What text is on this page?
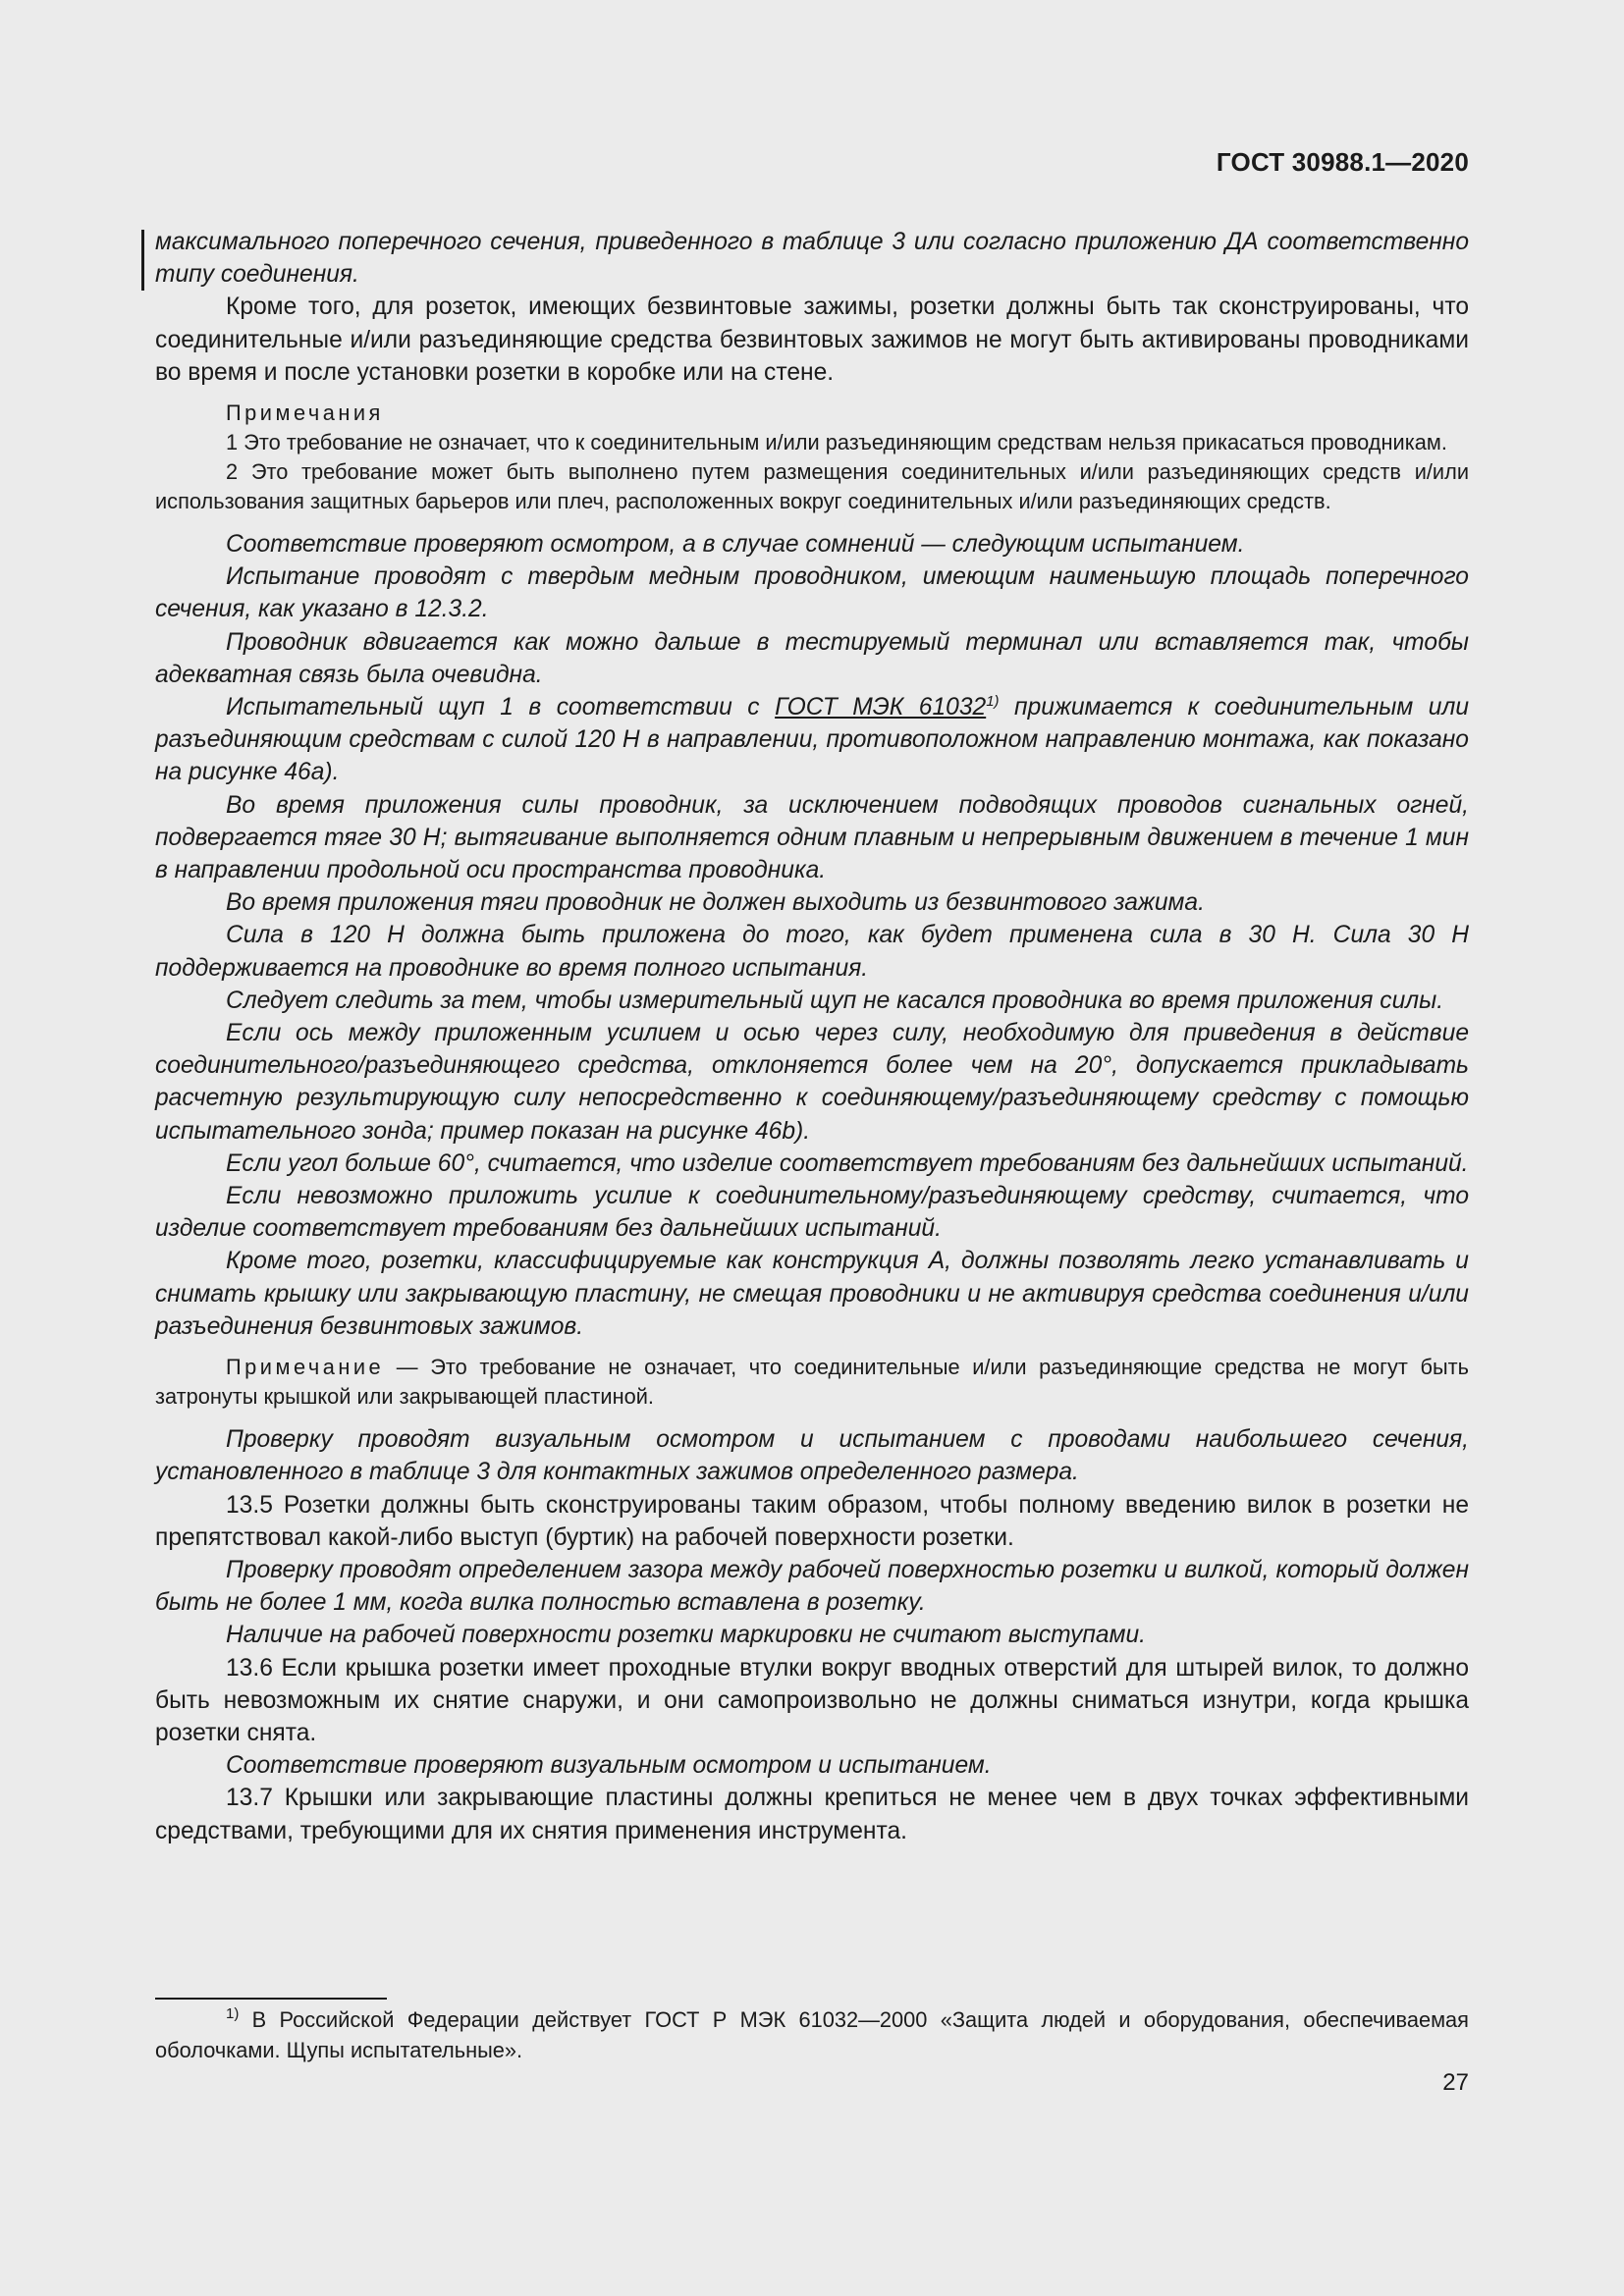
ГОСТ 30988.1—2020

максимального поперечного сечения, приведенного в таблице 3 или согласно приложению ДА соответственно типу соединения.

Кроме того, для розеток, имеющих безвинтовые зажимы, розетки должны быть так сконструированы, что соединительные и/или разъединяющие средства безвинтовых зажимов не могут быть активированы проводниками во время и после установки розетки в коробке или на стене.

Примечания

1 Это требование не означает, что к соединительным и/или разъединяющим средствам нельзя прикасаться проводникам.

2 Это требование может быть выполнено путем размещения соединительных и/или разъединяющих средств и/или использования защитных барьеров или плеч, расположенных вокруг соединительных и/или разъединяющих средств.

Соответствие проверяют осмотром, а в случае сомнений — следующим испытанием.

Испытание проводят с твердым медным проводником, имеющим наименьшую площадь поперечного сечения, как указано в 12.3.2.

Проводник вдвигается как можно дальше в тестируемый терминал или вставляется так, чтобы адекватная связь была очевидна.

Испытательный щуп 1 в соответствии с ГОСТ МЭК 61032$^{1)}$ прижимается к соединительным или разъединяющим средствам с силой 120 Н в направлении, противоположном направлению монтажа, как показано на рисунке 46а).

Во время приложения силы проводник, за исключением подводящих проводов сигнальных огней, подвергается тяге 30 Н; вытягивание выполняется одним плавным и непрерывным движением в течение 1 мин в направлении продольной оси пространства проводника.

Во время приложения тяги проводник не должен выходить из безвинтового зажима.

Сила в 120 Н должна быть приложена до того, как будет применена сила в 30 Н. Сила 30 Н поддерживается на проводнике во время полного испытания.

Следует следить за тем, чтобы измерительный щуп не касался проводника во время приложения силы.

Если ось между приложенным усилием и осью через силу, необходимую для приведения в действие соединительного/разъединяющего средства, отклоняется более чем на 20°, допускается прикладывать расчетную результирующую силу непосредственно к соединяющему/разъединяющему средству с помощью испытательного зонда; пример показан на рисунке 46b).

Если угол больше 60°, считается, что изделие соответствует требованиям без дальнейших испытаний.

Если невозможно приложить усилие к соединительному/разъединяющему средству, считается, что изделие соответствует требованиям без дальнейших испытаний.

Кроме того, розетки, классифицируемые как конструкция А, должны позволять легко устанавливать и снимать крышку или закрывающую пластину, не смещая проводники и не активируя средства соединения и/или разъединения безвинтовых зажимов.

Примечание — Это требование не означает, что соединительные и/или разъединяющие средства не могут быть затронуты крышкой или закрывающей пластиной.

Проверку проводят визуальным осмотром и испытанием с проводами наибольшего сечения, установленного в таблице 3 для контактных зажимов определенного размера.

13.5 Розетки должны быть сконструированы таким образом, чтобы полному введению вилок в розетки не препятствовал какой-либо выступ (буртик) на рабочей поверхности розетки.

Проверку проводят определением зазора между рабочей поверхностью розетки и вилкой, который должен быть не более 1 мм, когда вилка полностью вставлена в розетку.

Наличие на рабочей поверхности розетки маркировки не считают выступами.

13.6 Если крышка розетки имеет проходные втулки вокруг вводных отверстий для штырей вилок, то должно быть невозможным их снятие снаружи, и они самопроизвольно не должны сниматься изнутри, когда крышка розетки снята.

Соответствие проверяют визуальным осмотром и испытанием.

13.7 Крышки или закрывающие пластины должны крепиться не менее чем в двух точках эффективными средствами, требующими для их снятия применения инструмента.

$^{1)}$ В Российской Федерации действует ГОСТ Р МЭК 61032—2000 «Защита людей и оборудования, обеспечиваемая оболочками. Щупы испытательные».

27
